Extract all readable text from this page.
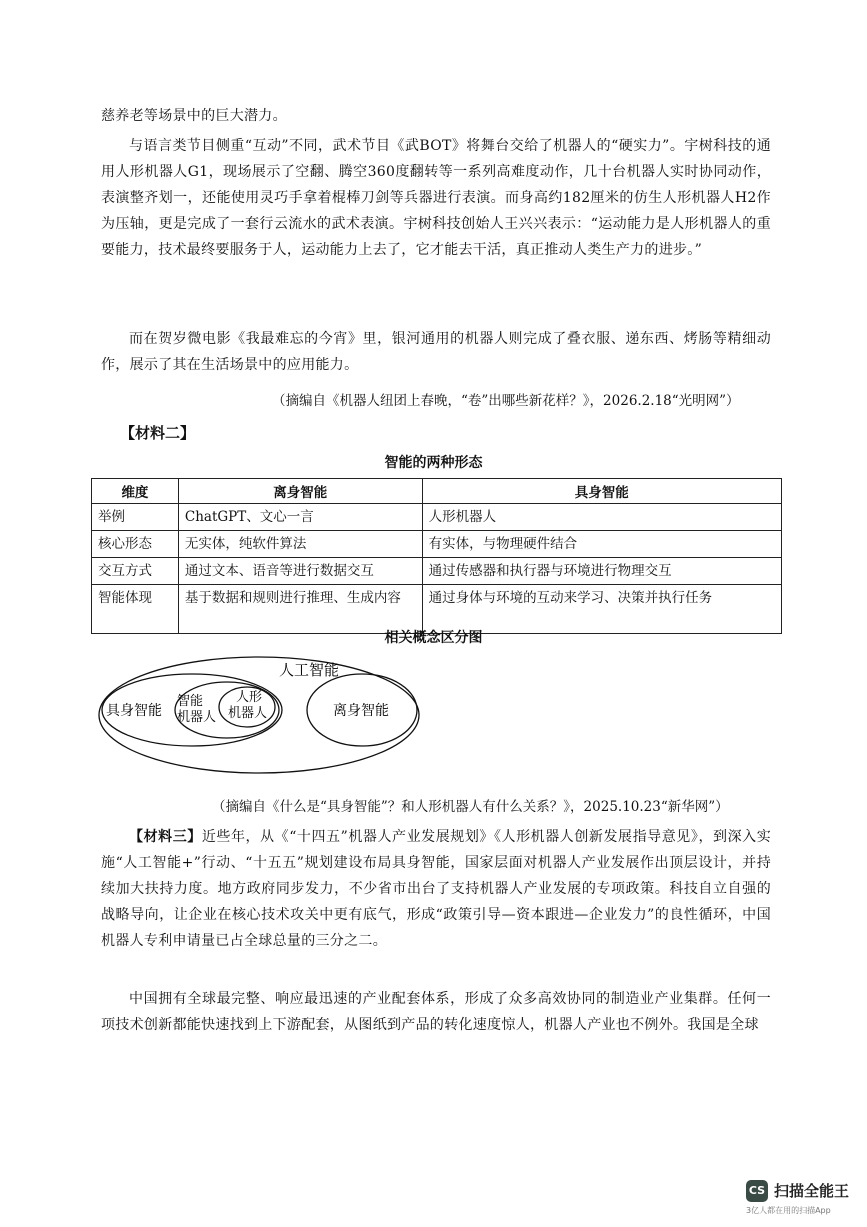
慈养老等场景中的巨大潜力。
与语言类节目侧重“互动”不同，武术节目《武BOT》将舞台交给了机器人的“硬实力”。宇树科技的通用人形机器人G1，现场展示了空翻、腾空360度翻转等一系列高难度动作，几十台机器人实时协同动作，表演整齐划一，还能使用灵巧手拿着棍棒刀剑等兵器进行表演。而身高约182厘米的仿生人形机器人H2作为压轴，更是完成了一套行云流水的武术表演。宇树科技创始人王兴兴表示：“运动能力是人形机器人的重要能力，技术最终要服务于人，运动能力上去了，它才能去干活，真正推动人类生产力的进步。”
而在贺岁微电影《我最难忘的今宵》里，银河通用的机器人则完成了叠衣服、递东西、烤肠等精细动作，展示了其在生活场景中的应用能力。
（摘编自《机器人纽团上春晚，“卷”出哪些新花样？》，2026.2.18“光明网”）
【材料二】
智能的两种形态
维度	离身智能	具身智能
举例	ChatGPT、文心一言	人形机器人
核心形态	无实体，纯软件算法	有实体，与物理硬件结合
交互方式	通过文本、语音等进行数据交互	通过传感器和执行器与环境进行物理交互
智能体现	基于数据和规则进行推理、生成内容	通过身体与环境的互动来学习、决策并执行任务
相关概念区分图
人工智能
具身智能
智能
机器人
人形
机器人	离身智能
（摘编自《什么是“具身智能”？和人形机器人有什么关系？》，2025.10.23“新华网”）
【材料三】近些年，从《“十四五”机器人产业发展规划》《人形机器人创新发展指导意见》，到深入实施“人工智能+”行动、“十五五”规划建设布局具身智能，国家层面对机器人产业发展作出顶层设计，并持续加大扶持力度。地方政府同步发力，不少省市出台了支持机器人产业发展的专项政策。科技自立自强的战略导向，让企业在核心技术攻关中更有底气，形成“政策引导—资本跟进—企业发力”的良性循环，中国机器人专利申请量已占全球总量的三分之二。
中国拥有全球最完整、响应最迅速的产业配套体系，形成了众多高效协同的制造业产业集群。任何一项技术创新都能快速找到上下游配套，从图纸到产品的转化速度惊人，机器人产业也不例外。我国是全球
CS 扫描全能王
3亿人都在用的扫描App
